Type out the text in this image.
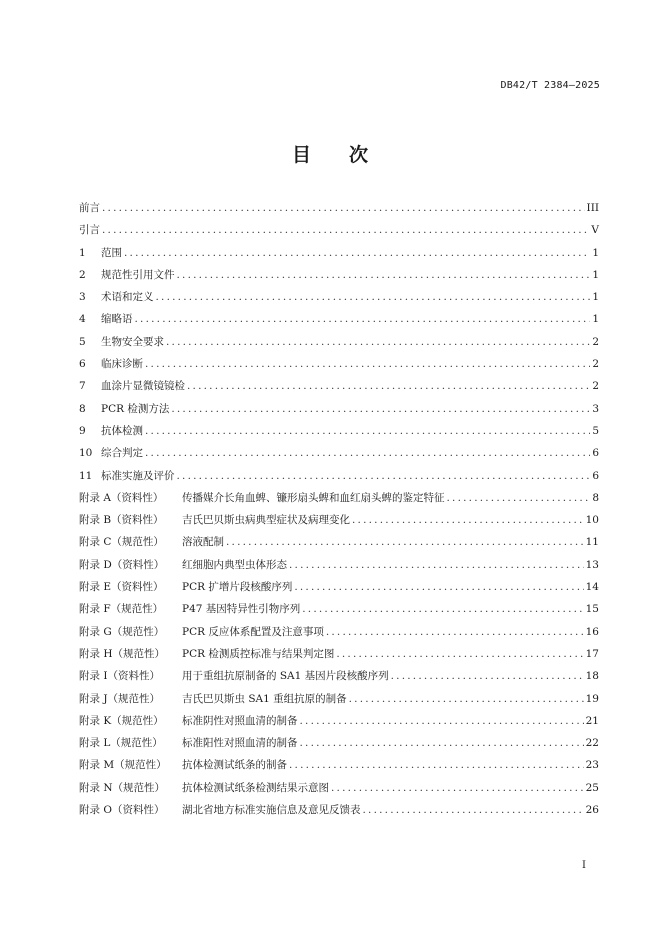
DB42/T 2384—2025
目 次
前言 .....	III
引言 .....	V
1	范围 .....	1
2	规范性引用文件 .....	1
3	术语和定义 .....	1
4	缩略语 .....	1
5	生物安全要求 .....	2
6	临床诊断 .....	2
7	血涂片显微镜镜检 .....	2
8	PCR 检测方法 .....	3
9	抗体检测 .....	5
10 综合判定 .....	6
11 标准实施及评价 .....	6
附录 A（资料性）	传播媒介长角血蜱、镰形扇头蜱和血红扇头蜱的鉴定特征 .....	8
附录 B（资料性）	吉氏巴贝斯虫病典型症状及病理变化 .....	10
附录 C（规范性）	溶液配制 .....	11
附录 D（资料性）	红细胞内典型虫体形态 .....	13
附录 E（资料性）	PCR 扩增片段核酸序列 .....	14
附录 F（规范性）	P47 基因特异性引物序列 .....	15
附录 G（规范性）	PCR 反应体系配置及注意事项 .....	16
附录 H（规范性）	PCR 检测质控标准与结果判定图 .....	17
附录 I（资料性）	用于重组抗原制备的 SA1 基因片段核酸序列 .....	18
附录 J（规范性）	吉氏巴贝斯虫 SA1 重组抗原的制备 .....	19
附录 K（规范性）	标准阴性对照血清的制备 .....	21
附录 L（规范性）	标准阳性对照血清的制备 .....	22
附录 M（规范性）	抗体检测试纸条的制备 .....	23
附录 N（规范性）	抗体检测试纸条检测结果示意图 .....	25
附录 O（资料性）	湖北省地方标准实施信息及意见反馈表 .....	26
I
